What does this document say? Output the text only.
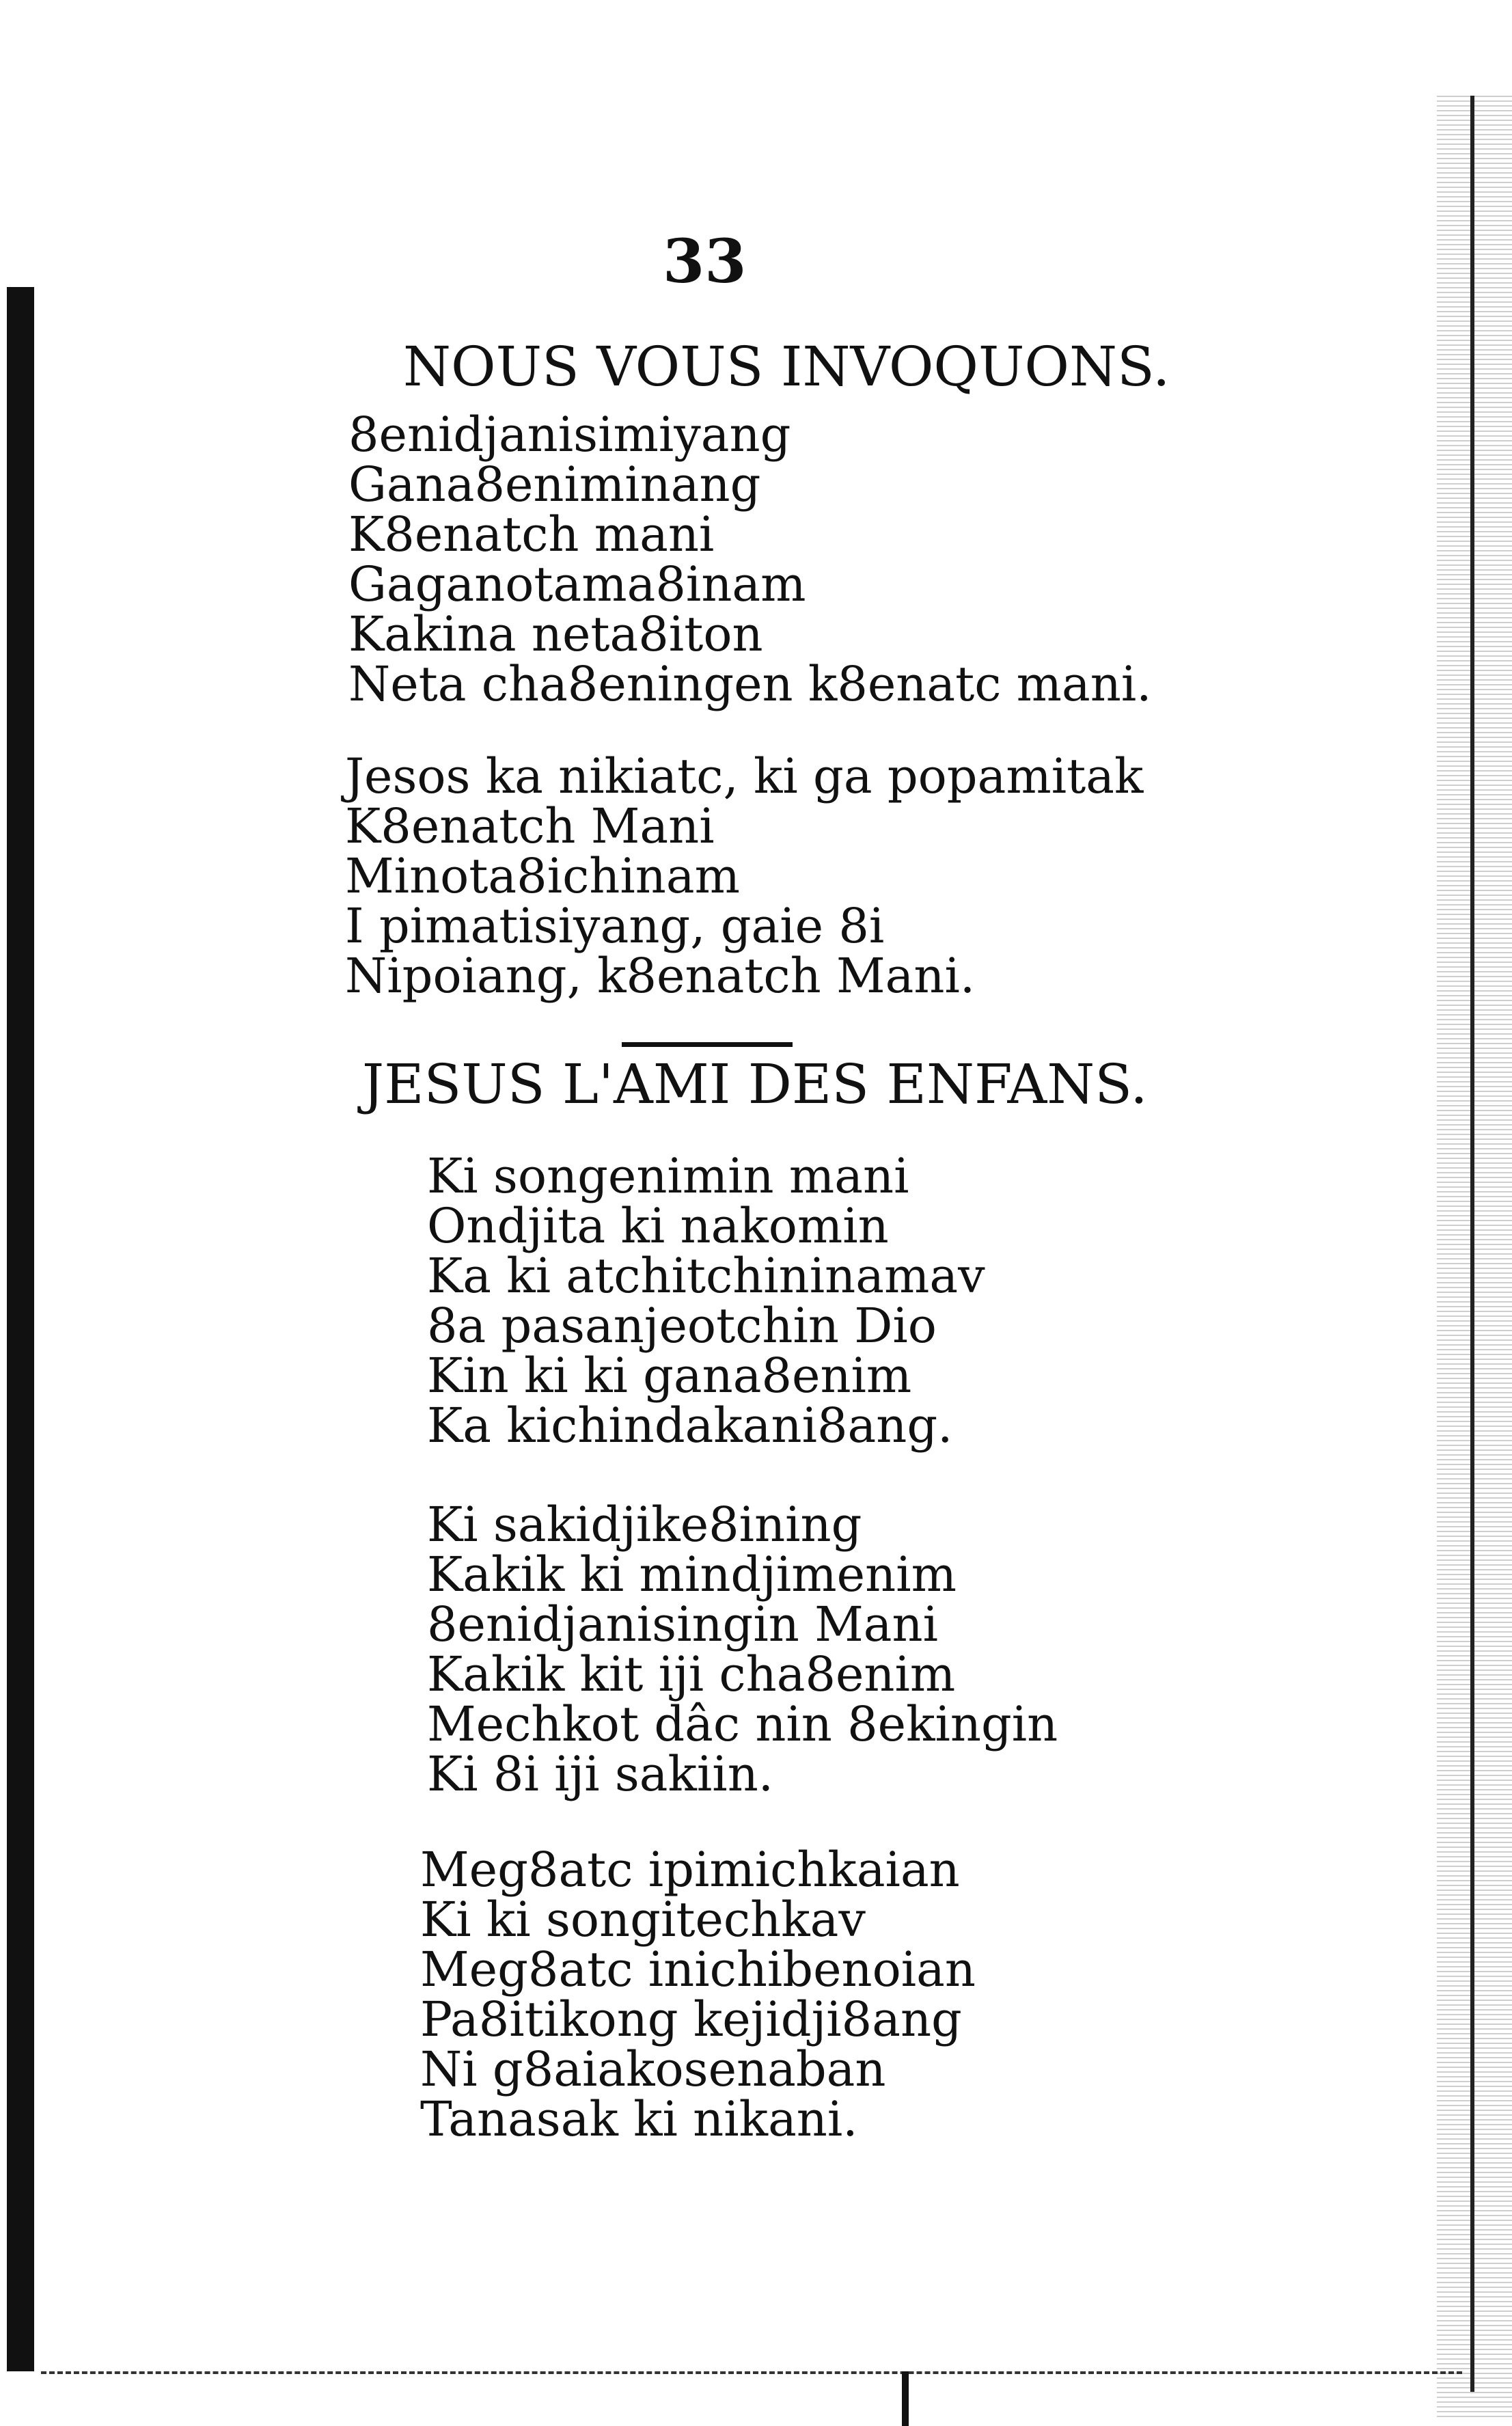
33
NOUS VOUS INVOQUONS.
8enidjanisimiyang
Gana8eniminang
K8enatch mani
Gaganotama8inam
Kakina neta8iton
Neta cha8eningen k8enatc mani.
Jesos ka nikiatc, ki ga popamitak
K8enatch Mani
Minota8ichinam
I pimatisiyang, gaie 8i
Nipoiang, k8enatch Mani.
JESUS L'AMI DES ENFANS.
Ki songenimin mani
Ondjita ki nakomin
Ka ki atchitchininamav
8a pasanjeotchin Dio
Kin ki ki gana8enim
Ka kichindakani8ang.
Ki sakidjike8ining
Kakik ki mindjimenim
8enidjanisingin Mani
Kakik kit iji cha8enim
Mechkot dâc nin 8ekingin
Ki 8i iji sakiin.
Meg8atc ipimichkaian
Ki ki songitechkav
Meg8atc inichibenoian
Pa8itikong kejidji8ang
Ni g8aiakosenaban
Tanasak ki nikani.
